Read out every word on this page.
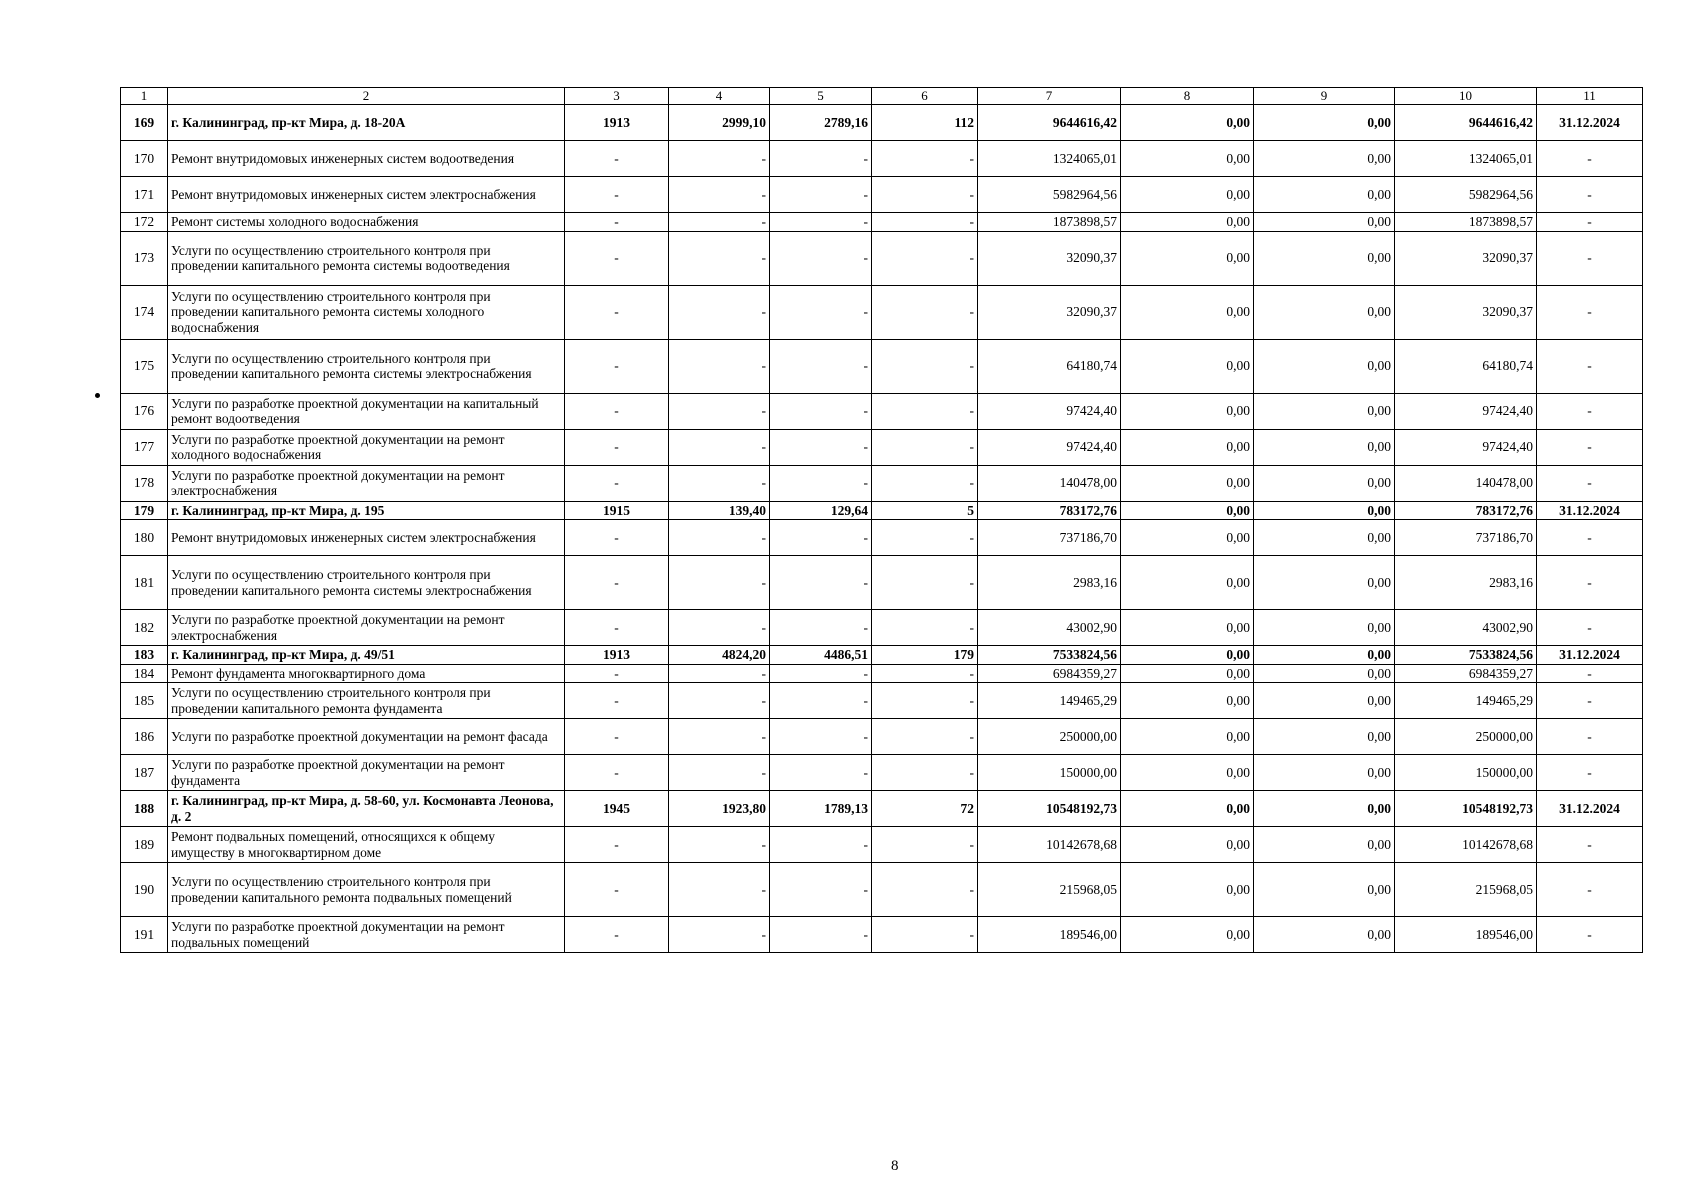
1	2	3	4	5	6	7	8	9	10	11
169	г. Калининград, пр-кт Мира, д. 18-20А	1913	2999,10	2789,16	112	9644616,42	0,00	0,00	9644616,42	31.12.2024
170	Ремонт внутридомовых инженерных систем водоотведения	-	-	-	-	1324065,01	0,00	0,00	1324065,01	-
171	Ремонт внутридомовых инженерных систем электроснабжения	-	-	-	-	5982964,56	0,00	0,00	5982964,56	-
172	Ремонт системы холодного водоснабжения	-	-	-	-	1873898,57	0,00	0,00	1873898,57	-
173	Услуги по осуществлению строительного контроля при проведении капитального ремонта системы водоотведения	-	-	-	-	32090,37	0,00	0,00	32090,37	-
174	Услуги по осуществлению строительного контроля при проведении капитального ремонта системы холодного водоснабжения	-	-	-	-	32090,37	0,00	0,00	32090,37	-
175	Услуги по осуществлению строительного контроля при проведении капитального ремонта системы электроснабжения	-	-	-	-	64180,74	0,00	0,00	64180,74	-
176	Услуги по разработке проектной документации на капитальный ремонт водоотведения	-	-	-	-	97424,40	0,00	0,00	97424,40	-
177	Услуги по разработке проектной документации на ремонт холодного водоснабжения	-	-	-	-	97424,40	0,00	0,00	97424,40	-
178	Услуги по разработке проектной документации на ремонт электроснабжения	-	-	-	-	140478,00	0,00	0,00	140478,00	-
179	г. Калининград, пр-кт Мира, д. 195	1915	139,40	129,64	5	783172,76	0,00	0,00	783172,76	31.12.2024
180	Ремонт внутридомовых инженерных систем электроснабжения	-	-	-	-	737186,70	0,00	0,00	737186,70	-
181	Услуги по осуществлению строительного контроля при проведении капитального ремонта системы электроснабжения	-	-	-	-	2983,16	0,00	0,00	2983,16	-
182	Услуги по разработке проектной документации на ремонт электроснабжения	-	-	-	-	43002,90	0,00	0,00	43002,90	-
183	г. Калининград, пр-кт Мира, д. 49/51	1913	4824,20	4486,51	179	7533824,56	0,00	0,00	7533824,56	31.12.2024
184	Ремонт фундамента многоквартирного дома	-	-	-	-	6984359,27	0,00	0,00	6984359,27	-
185	Услуги по осуществлению строительного контроля при проведении капитального ремонта фундамента	-	-	-	-	149465,29	0,00	0,00	149465,29	-
186	Услуги по разработке проектной документации на ремонт фасада	-	-	-	-	250000,00	0,00	0,00	250000,00	-
187	Услуги по разработке проектной документации на ремонт фундамента	-	-	-	-	150000,00	0,00	0,00	150000,00	-
188	г. Калининград, пр-кт Мира, д. 58-60, ул. Космонавта Леонова, д. 2	1945	1923,80	1789,13	72	10548192,73	0,00	0,00	10548192,73	31.12.2024
189	Ремонт подвальных помещений, относящихся к общему имуществу в многоквартирном доме	-	-	-	-	10142678,68	0,00	0,00	10142678,68	-
190	Услуги по осуществлению строительного контроля при проведении капитального ремонта подвальных помещений	-	-	-	-	215968,05	0,00	0,00	215968,05	-
191	Услуги по разработке проектной документации на ремонт подвальных помещений	-	-	-	-	189546,00	0,00	0,00	189546,00	-
8
